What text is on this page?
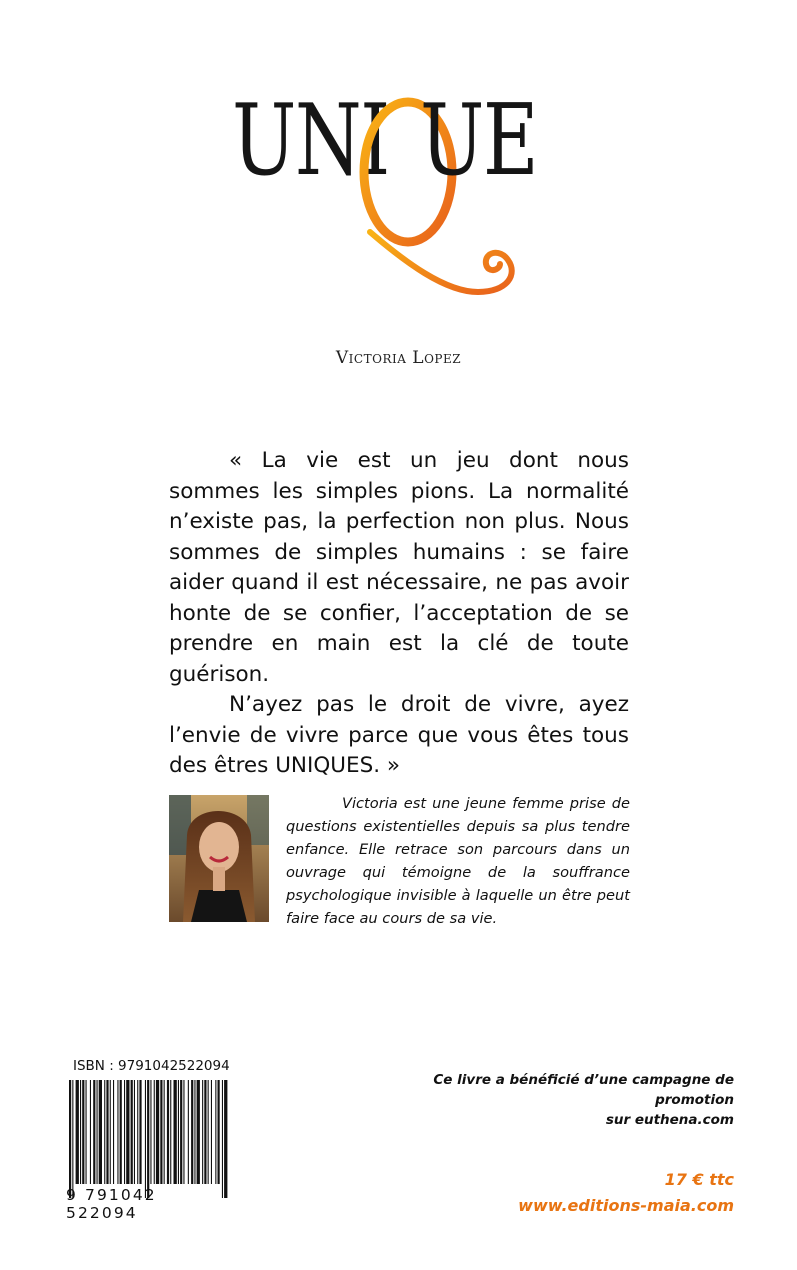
UNI UE
Victoria Lopez

« La vie est un jeu dont nous sommes les simples pions. La normalité n’existe pas, la perfection non plus. Nous sommes de simples humains : se faire aider quand il est nécessaire, ne pas avoir honte de se confier, l’acceptation de se prendre en main est la clé de toute guérison.

N’ayez pas le droit de vivre, ayez l’envie de vivre parce que vous êtes tous des êtres UNIQUES. »

Victoria est une jeune femme prise de questions existentielles depuis sa plus tendre enfance. Elle retrace son parcours dans un ouvrage qui témoigne de la souffrance psychologique invisible à laquelle un être peut faire face au cours de sa vie.

ISBN : 9791042522094
9 791042 522094
Ce livre a bénéficié d’une campagne de promotion
sur euthena.com
17 € ttc
www.editions-maia.com
